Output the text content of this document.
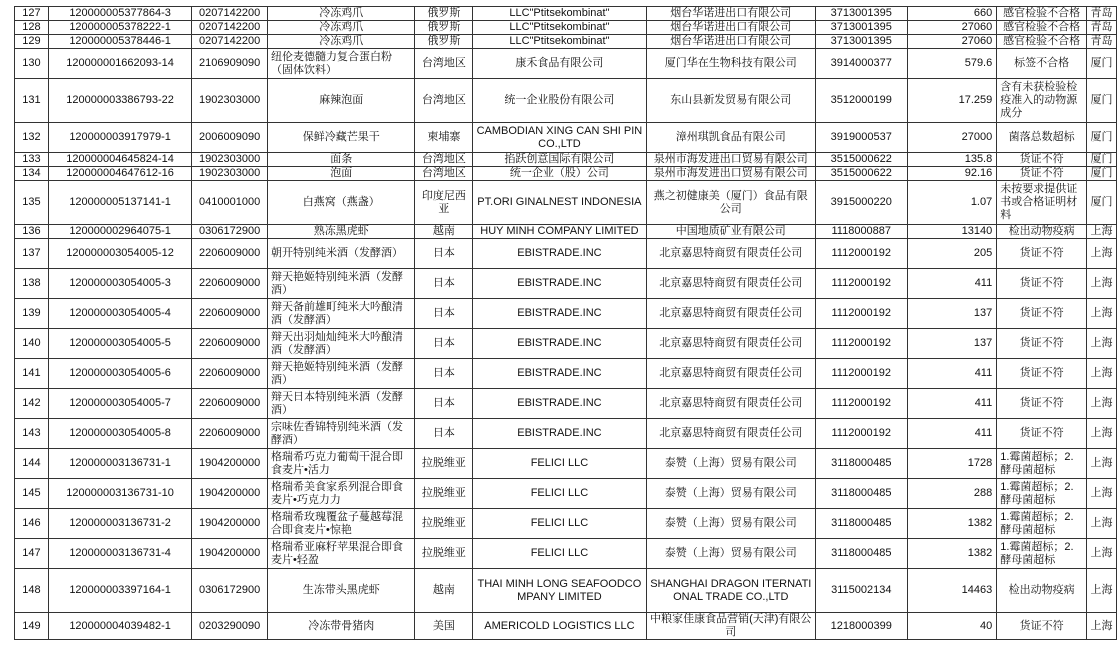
127	120000005377864-3	0207142200	冷冻鸡爪	俄罗斯	LLC"Ptitsekombinat"	烟台华诺进出口有限公司	3713001395	660	感官检验不合格	青岛
128	120000005378222-1	0207142200	冷冻鸡爪	俄罗斯	LLC"Ptitsekombinat"	烟台华诺进出口有限公司	3713001395	27060	感官检验不合格	青岛
129	120000005378446-1	0207142200	冷冻鸡爪	俄罗斯	LLC"Ptitsekombinat"	烟台华诺进出口有限公司	3713001395	27060	感官检验不合格	青岛
130	120000001662093-14	2106909090	纽伦麦德髓力复合蛋白粉（固体饮料）	台湾地区	康禾食品有限公司	厦门华在生物科技有限公司	3914000377	579.6	标签不合格	厦门
131	120000003386793-22	1902303000	麻辣泡面	台湾地区	统一企业股份有限公司	东山县新发贸易有限公司	3512000199	17.259	含有未获检验检疫准入的动物源成分	厦门
132	120000003917979-1	2006009090	保鲜冷藏芒果干	柬埔寨	CAMBODIAN XING CAN SHI PIN CO.,LTD	漳州琪凯食品有限公司	3919000537	27000	菌落总数超标	厦门
133	120000004645824-14	1902303000	面条	台湾地区	掐跃创意国际有限公司	泉州市海发进出口贸易有限公司	3515000622	135.8	货证不符	厦门
134	120000004647612-16	1902303000	泡面	台湾地区	统一企业（股）公司	泉州市海发进出口贸易有限公司	3515000622	92.16	货证不符	厦门
135	120000005137141-1	0410001000	白燕窝（燕盏）	印度尼西亚	PT.ORI GINALNEST INDONESIA	燕之初健康美（厦门）食品有限公司	3915000220	1.07	未按要求提供证书或合格证明材料	厦门
136	120000002964075-1	0306172900	熟冻黑虎虾	越南	HUY MINH COMPANY LIMITED	中国地质矿业有限公司	1118000887	13140	检出动物疫病	上海
137	120000003054005-12	2206009000	朝开特别纯米酒（发酵酒）	日本	EBISTRADE.INC	北京嘉思特商贸有限责任公司	1112000192	205	货证不符	上海
138	120000003054005-3	2206009000	辩天艳姬特别纯米酒（发酵酒）	日本	EBISTRADE.INC	北京嘉思特商贸有限责任公司	1112000192	411	货证不符	上海
139	120000003054005-4	2206009000	辩天备前雄町纯米大吟酿清酒（发酵酒）	日本	EBISTRADE.INC	北京嘉思特商贸有限责任公司	1112000192	137	货证不符	上海
140	120000003054005-5	2206009000	辩天出羽灿灿纯米大吟酿清酒（发酵酒）	日本	EBISTRADE.INC	北京嘉思特商贸有限责任公司	1112000192	137	货证不符	上海
141	120000003054005-6	2206009000	辩天艳姬特别纯米酒（发酵酒）	日本	EBISTRADE.INC	北京嘉思特商贸有限责任公司	1112000192	411	货证不符	上海
142	120000003054005-7	2206009000	辩天日本特别纯米酒（发酵酒）	日本	EBISTRADE.INC	北京嘉思特商贸有限责任公司	1112000192	411	货证不符	上海
143	120000003054005-8	2206009000	宗味佐香锦特别纯米酒（发酵酒）	日本	EBISTRADE.INC	北京嘉思特商贸有限责任公司	1112000192	411	货证不符	上海
144	120000003136731-1	1904200000	格瑞希巧克力葡萄干混合即食麦片•活力	拉脱维亚	FELICI LLC	泰赞（上海）贸易有限公司	3118000485	1728	1.霉菌超标；2.酵母菌超标	上海
145	120000003136731-10	1904200000	格瑞希美食家系列混合即食麦片•巧克力力	拉脱维亚	FELICI LLC	泰赞（上海）贸易有限公司	3118000485	288	1.霉菌超标；2.酵母菌超标	上海
146	120000003136731-2	1904200000	格瑞希玫瑰覆盆子蔓越莓混合即食麦片•惊艳	拉脱维亚	FELICI LLC	泰赞（上海）贸易有限公司	3118000485	1382	1.霉菌超标；2.酵母菌超标	上海
147	120000003136731-4	1904200000	格瑞希亚麻籽苹果混合即食麦片•轻盈	拉脱维亚	FELICI LLC	泰赞（上海）贸易有限公司	3118000485	1382	1.霉菌超标；2.酵母菌超标	上海
148	120000003397164-1	0306172900	生冻带头黑虎虾	越南	THAI MINH LONG SEAFOODCOMPANY LIMITED	SHANGHAI DRAGON ITERNATIONAL TRADE CO.,LTD	3115002134	14463	检出动物疫病	上海
149	120000004039482-1	0203290090	冷冻带骨猪肉	美国	AMERICOLD LOGISTICS LLC	中粮家佳康食品营销(天津)有限公司	1218000399	40	货证不符	上海
